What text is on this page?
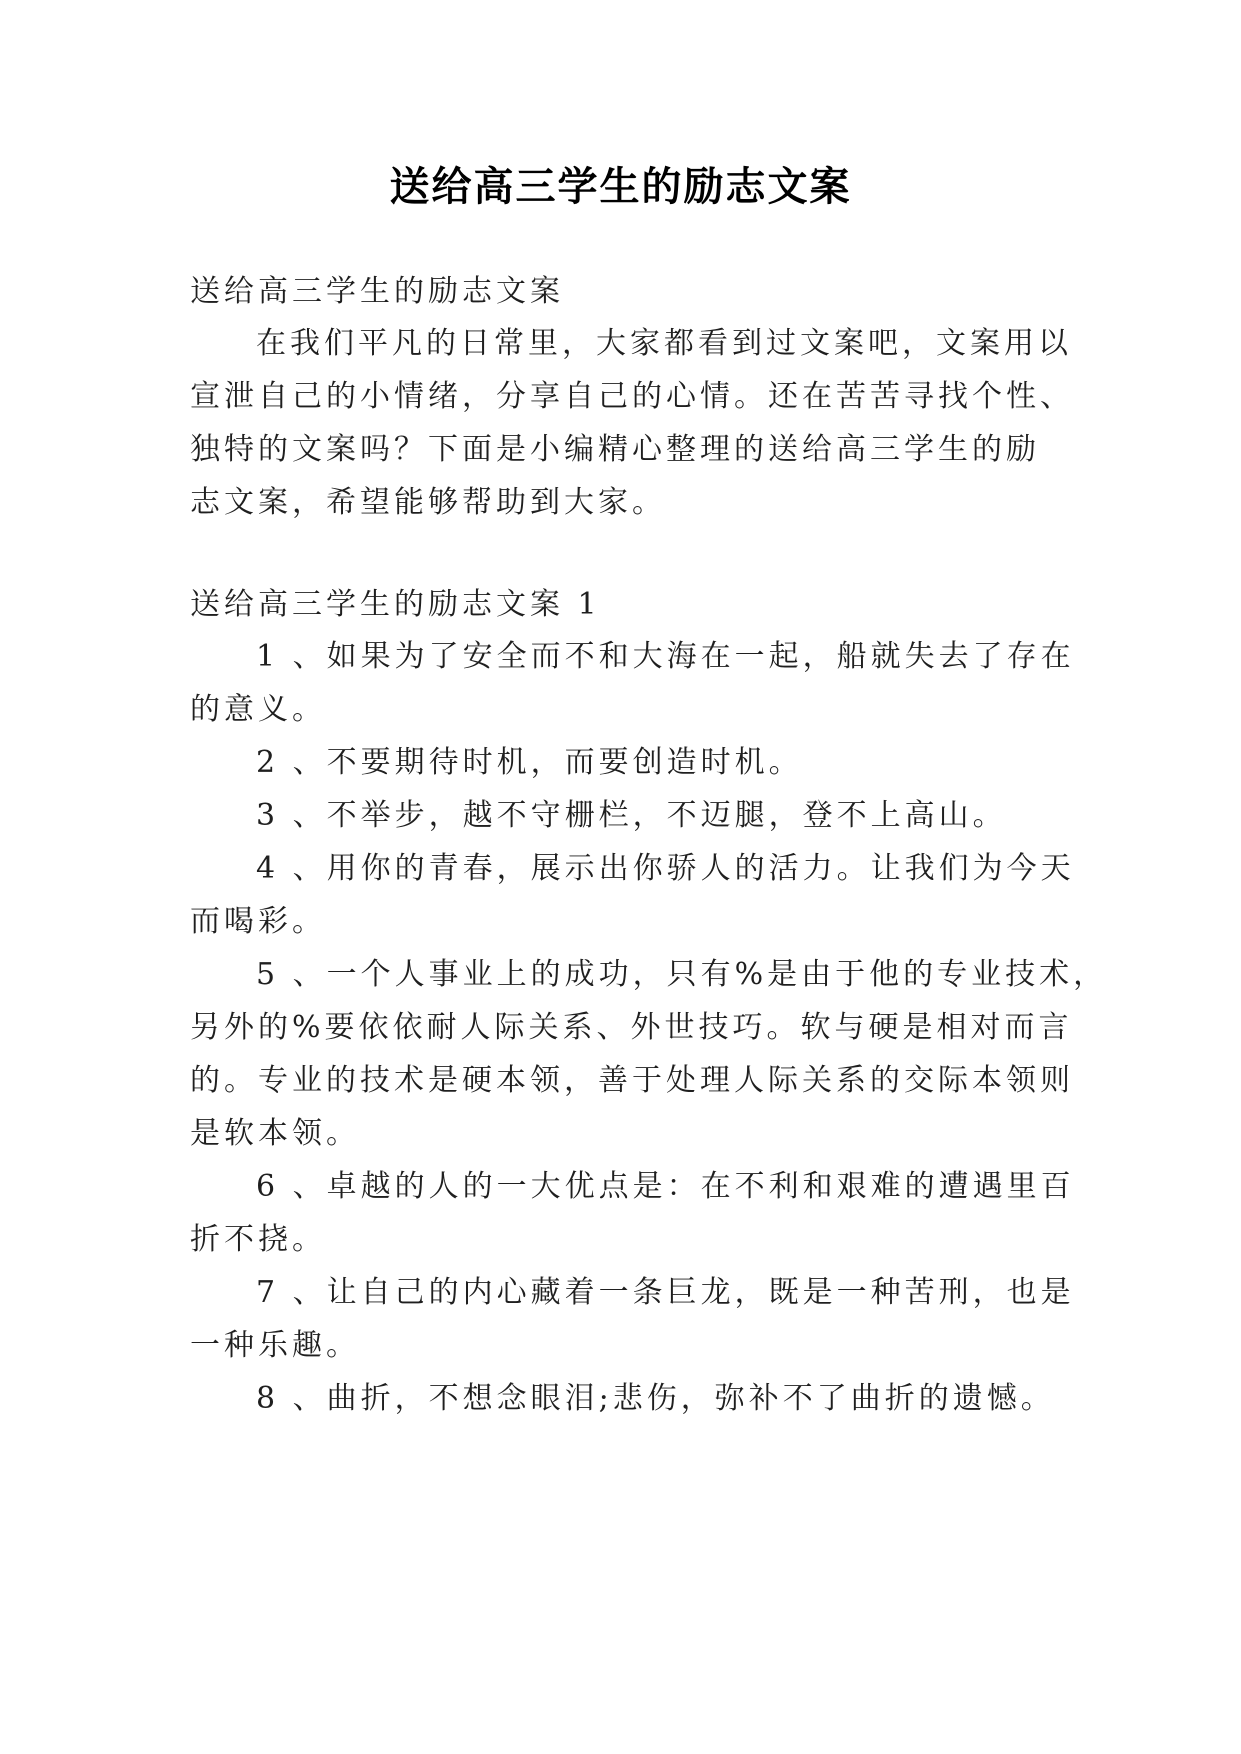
送给高三学生的励志文案
送给高三学生的励志文案
在我们平凡的日常里，大家都看到过文案吧，文案用以
宣泄自己的小情绪，分享自己的心情。还在苦苦寻找个性、
独特的文案吗？下面是小编精心整理的送给高三学生的励
志文案，希望能够帮助到大家。
送给高三学生的励志文案 1
1 、如果为了安全而不和大海在一起，船就失去了存在
的意义。
2 、不要期待时机，而要创造时机。
3 、不举步，越不守栅栏，不迈腿，登不上高山。
4 、用你的青春，展示出你骄人的活力。让我们为今天
而喝彩。
5 、一个人事业上的成功，只有%是由于他的专业技术，
另外的%要依依耐人际关系、外世技巧。软与硬是相对而言
的。专业的技术是硬本领，善于处理人际关系的交际本领则
是软本领。
6 、卓越的人的一大优点是：在不利和艰难的遭遇里百
折不挠。
7 、让自己的内心藏着一条巨龙，既是一种苦刑，也是
一种乐趣。
8 、曲折，不想念眼泪;悲伤，弥补不了曲折的遗憾。
